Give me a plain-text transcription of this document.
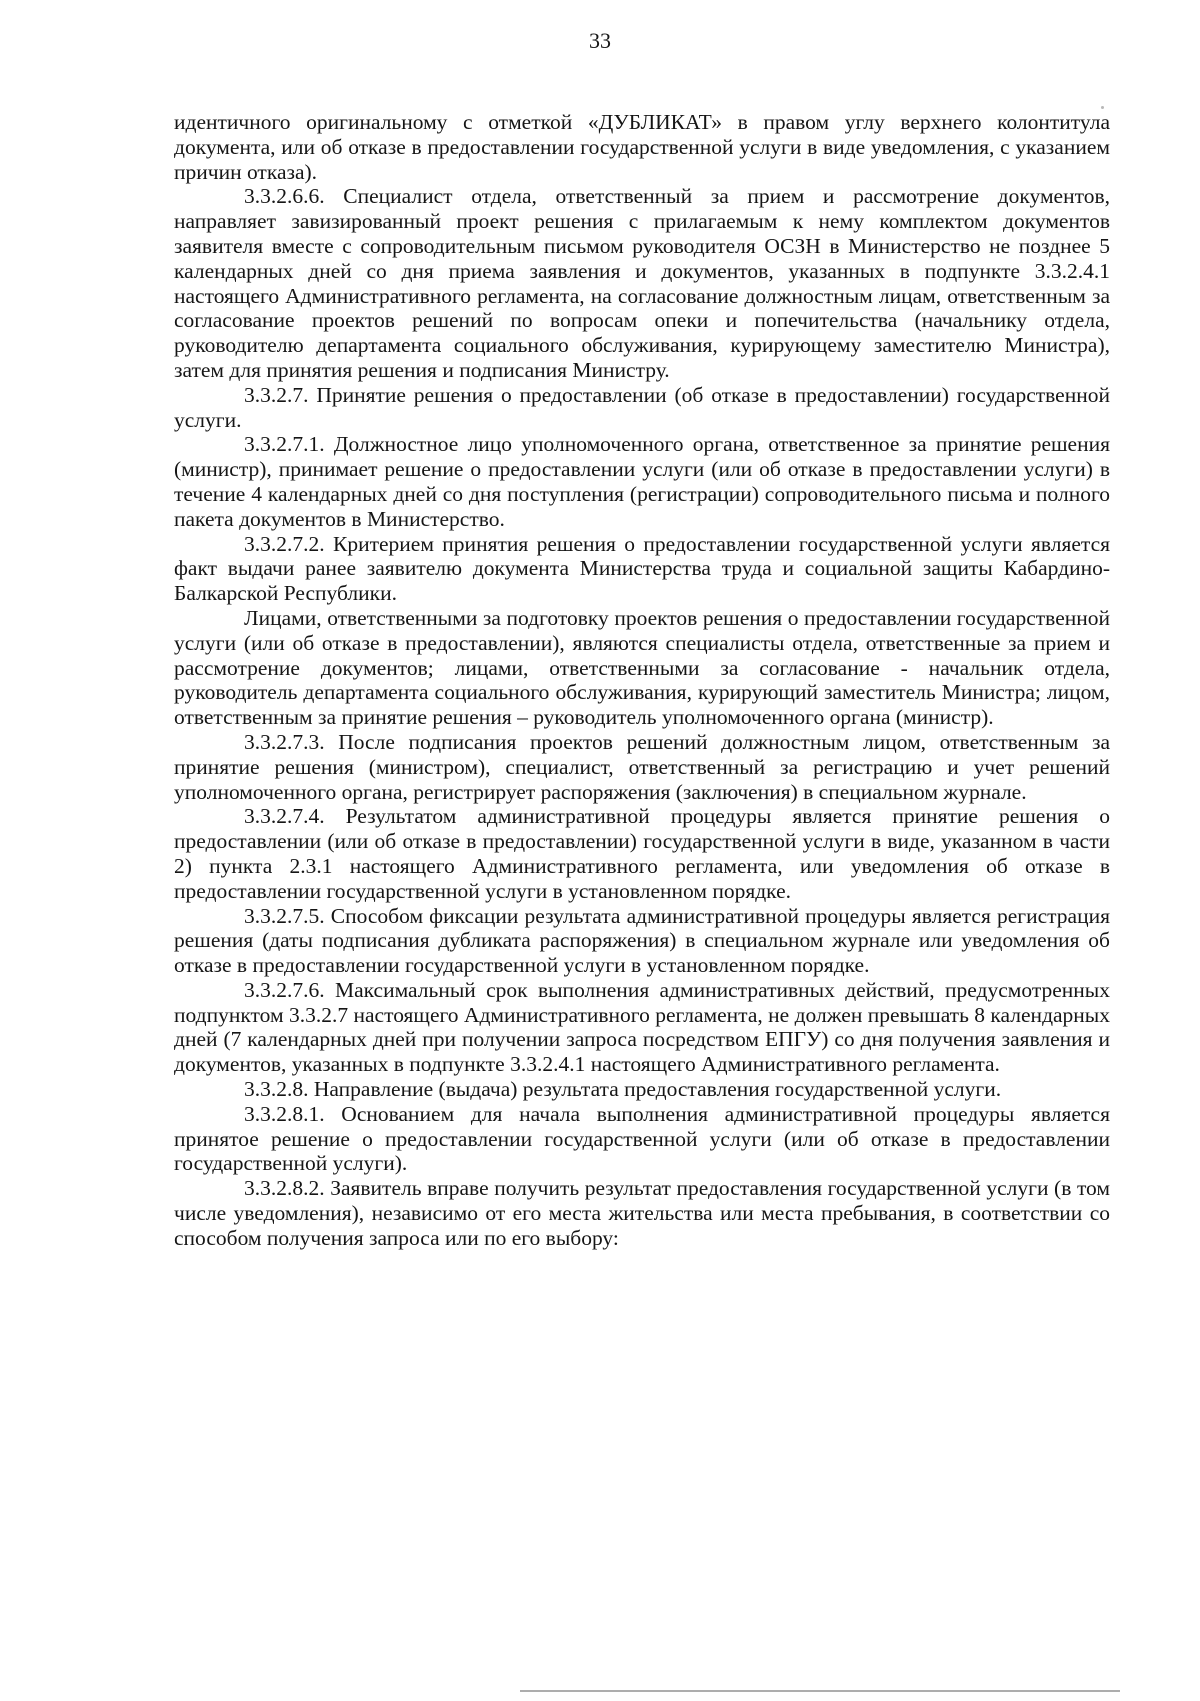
33

идентичного оригинальному с отметкой «ДУБЛИКАТ» в правом углу верхнего колонтитула документа, или об отказе в предоставлении государственной услуги в виде уведомления, с указанием причин отказа).

3.3.2.6.6. Специалист отдела, ответственный за прием и рассмотрение документов, направляет завизированный проект решения с прилагаемым к нему комплектом документов заявителя вместе с сопроводительным письмом руководителя ОСЗН в Министерство не позднее 5 календарных дней со дня приема заявления и документов, указанных в подпункте 3.3.2.4.1 настоящего Административного регламента, на согласование должностным лицам, ответственным за согласование проектов решений по вопросам опеки и попечительства (начальнику отдела, руководителю департамента социального обслуживания, курирующему заместителю Министра), затем для принятия решения и подписания Министру.

3.3.2.7. Принятие решения о предоставлении (об отказе в предоставлении) государственной услуги.

3.3.2.7.1. Должностное лицо уполномоченного органа, ответственное за принятие решения (министр), принимает решение о предоставлении услуги (или об отказе в предоставлении услуги) в течение 4 календарных дней со дня поступления (регистрации) сопроводительного письма и полного пакета документов в Министерство.

3.3.2.7.2. Критерием принятия решения о предоставлении государственной услуги является факт выдачи ранее заявителю документа Министерства труда и социальной защиты Кабардино-Балкарской Республики.

Лицами, ответственными за подготовку проектов решения о предоставлении государственной услуги (или об отказе в предоставлении), являются специалисты отдела, ответственные за прием и рассмотрение документов; лицами, ответственными за согласование - начальник отдела, руководитель департамента социального обслуживания, курирующий заместитель Министра; лицом, ответственным за принятие решения – руководитель уполномоченного органа (министр).

3.3.2.7.3. После подписания проектов решений должностным лицом, ответственным за принятие решения (министром), специалист, ответственный за регистрацию и учет решений уполномоченного органа, регистрирует распоряжения (заключения) в специальном журнале.

3.3.2.7.4. Результатом административной процедуры является принятие решения о предоставлении (или об отказе в предоставлении) государственной услуги в виде, указанном в части 2) пункта 2.3.1 настоящего Административного регламента, или уведомления об отказе в предоставлении государственной услуги в установленном порядке.

3.3.2.7.5. Способом фиксации результата административной процедуры является регистрация решения (даты подписания дубликата распоряжения) в специальном журнале или уведомления об отказе в предоставлении государственной услуги в установленном порядке.

3.3.2.7.6. Максимальный срок выполнения административных действий, предусмотренных подпунктом 3.3.2.7 настоящего Административного регламента, не должен превышать 8 календарных дней (7 календарных дней при получении запроса посредством ЕПГУ) со дня получения заявления и документов, указанных в подпункте 3.3.2.4.1 настоящего Административного регламента.

3.3.2.8. Направление (выдача) результата предоставления государственной услуги.

3.3.2.8.1. Основанием для начала выполнения административной процедуры является принятое решение о предоставлении государственной услуги (или об отказе в предоставлении государственной услуги).

3.3.2.8.2. Заявитель вправе получить результат предоставления государственной услуги (в том числе уведомления), независимо от его места жительства или места пребывания, в соответствии со способом получения запроса или по его выбору:
